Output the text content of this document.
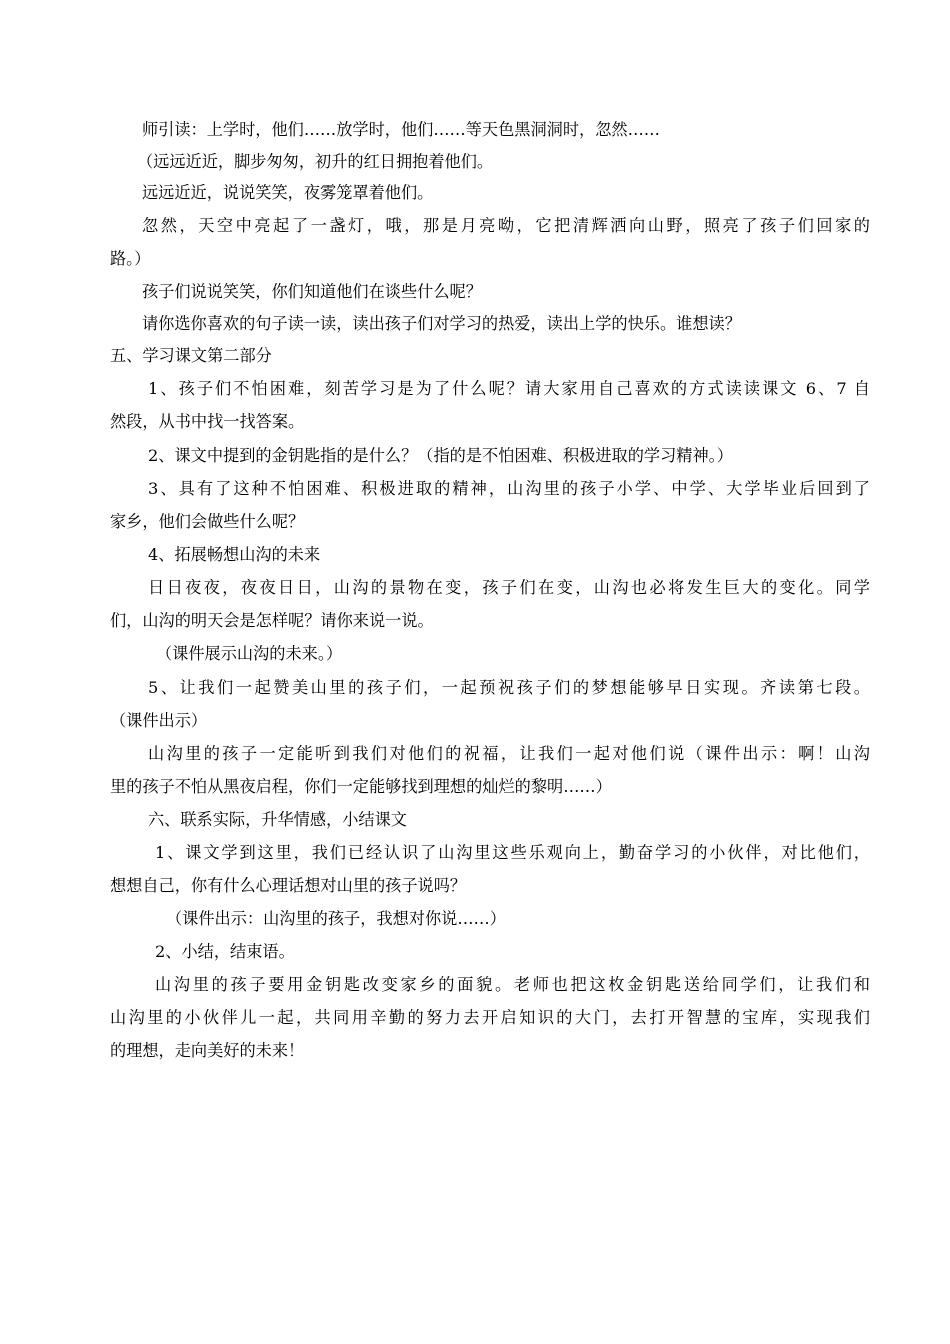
师引读：上学时，他们……放学时，他们……等天色黑洞洞时，忽然……
（远远近近，脚步匆匆，初升的红日拥抱着他们。
远远近近，说说笑笑，夜雾笼罩着他们。
忽然，天空中亮起了一盏灯，哦，那是月亮呦，它把清辉洒向山野，照亮了孩子们回家的
路。）
孩子们说说笑笑，你们知道他们在谈些什么呢？
请你选你喜欢的句子读一读，读出孩子们对学习的热爱，读出上学的快乐。谁想读？
五、学习课文第二部分
1、孩子们不怕困难，刻苦学习是为了什么呢？请大家用自己喜欢的方式读读课文 6、7 自
然段，从书中找一找答案。
2、课文中提到的金钥匙指的是什么？（指的是不怕困难、积极进取的学习精神。）
3、具有了这种不怕困难、积极进取的精神，山沟里的孩子小学、中学、大学毕业后回到了
家乡，他们会做些什么呢？
4、拓展畅想山沟的未来
日日夜夜，夜夜日日，山沟的景物在变，孩子们在变，山沟也必将发生巨大的变化。同学
们，山沟的明天会是怎样呢？请你来说一说。
（课件展示山沟的未来。）
5、让我们一起赞美山里的孩子们，一起预祝孩子们的梦想能够早日实现。齐读第七段。
（课件出示）
山沟里的孩子一定能听到我们对他们的祝福，让我们一起对他们说（课件出示：啊！山沟
里的孩子不怕从黑夜启程，你们一定能够找到理想的灿烂的黎明……）
六、联系实际，升华情感，小结课文
1、课文学到这里，我们已经认识了山沟里这些乐观向上，勤奋学习的小伙伴，对比他们，
想想自己，你有什么心理话想对山里的孩子说吗？
（课件出示：山沟里的孩子，我想对你说……）
2、小结，结束语。
山沟里的孩子要用金钥匙改变家乡的面貌。老师也把这枚金钥匙送给同学们，让我们和
山沟里的小伙伴儿一起，共同用辛勤的努力去开启知识的大门，去打开智慧的宝库，实现我们
的理想，走向美好的未来！
